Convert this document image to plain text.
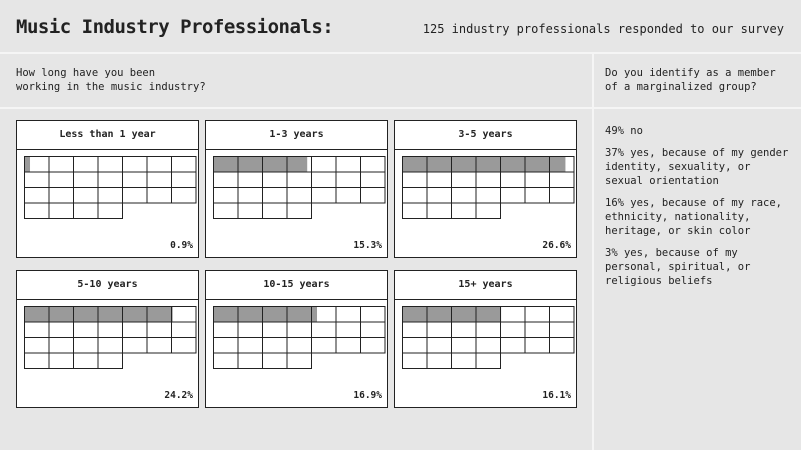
Music Industry Professionals:	125 industry professionals responded to our survey
How long have you been
working in the music industry?
Do you identify as a member
of a marginalized group?
49% no
37% yes, because of my gender identity, sexuality, or sexual orientation
16% yes, because of my race, ethnicity, nationality, heritage, or skin color
3% yes, because of my personal, spiritual, or religious beliefs
Less than 1 year
0.9%
1-3 years
15.3%
3-5 years
26.6%
5-10 years
24.2%
10-15 years
16.9%
15+ years
16.1%
